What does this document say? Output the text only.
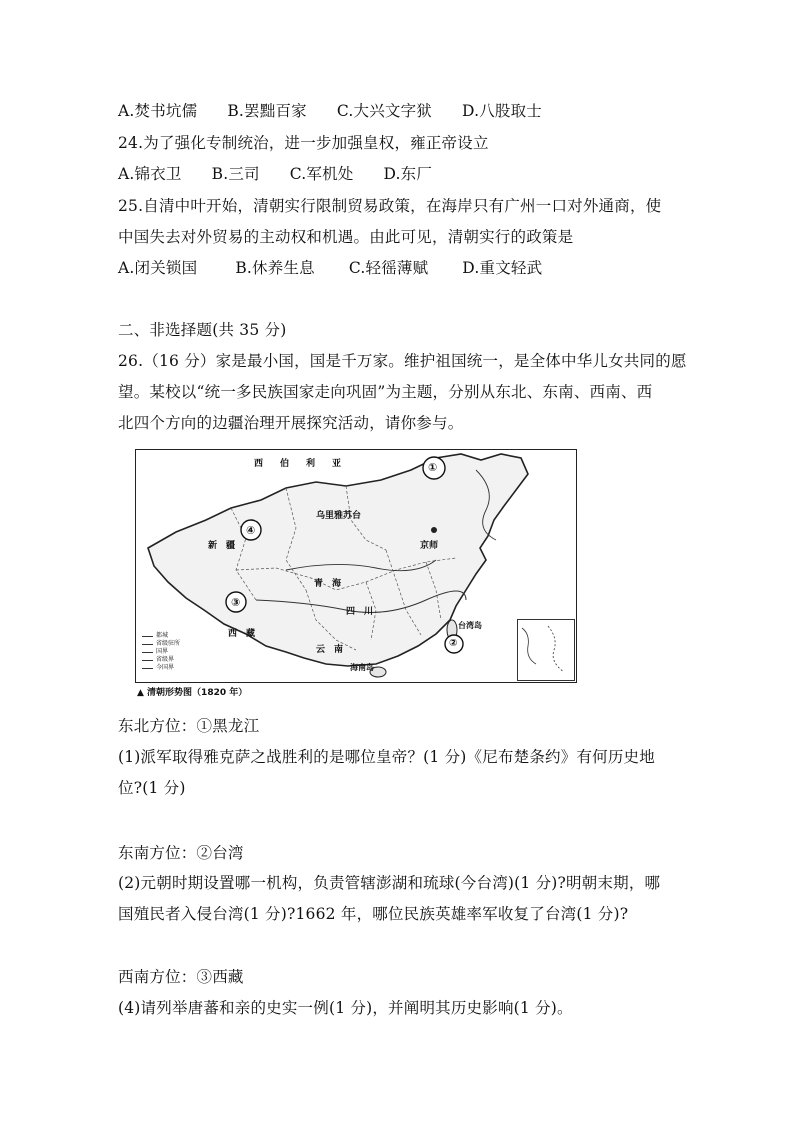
A.焚书坑儒 B.罢黜百家 C.大兴文字狱 D.八股取士
24.为了强化专制统治，进一步加强皇权，雍正帝设立
A.锦衣卫 B.三司 C.军机处 D.东厂
25.自清中叶开始，清朝实行限制贸易政策，在海岸只有广州一口对外通商，使
中国失去对外贸易的主动权和机遇。由此可见，清朝实行的政策是
A.闭关锁国 B.休养生息 C.轻徭薄赋 D.重文轻武
二、非选择题(共 35 分)
26.（16 分）家是最小国，国是千万家。维护祖国统一，是全体中华儿女共同的愿
望。某校以“统一多民族国家走向巩固”为主题，分别从东北、东南、西南、西
北四个方向的边疆治理开展探究活动，请你参与。
西　伯　利　亚	①
④
③
②
新　疆
乌里雅苏台
青　海
四　川
京师
云　南
西　藏
台湾岛
海南岛
都城
省级驻所
国界
省级界
今国界
▲ 清朝形势图（1820 年）
东北方位：①黑龙江
(1)派军取得雅克萨之战胜利的是哪位皇帝？(1 分)《尼布楚条约》有何历史地
位?(1 分)
东南方位：②台湾
(2)元朝时期设置哪一机构，负责管辖澎湖和琉球(今台湾)(1 分)?明朝末期，哪
国殖民者入侵台湾(1 分)?1662 年，哪位民族英雄率军收复了台湾(1 分)?
西南方位：③西藏
(4)请列举唐蕃和亲的史实一例(1 分)，并阐明其历史影响(1 分)。
